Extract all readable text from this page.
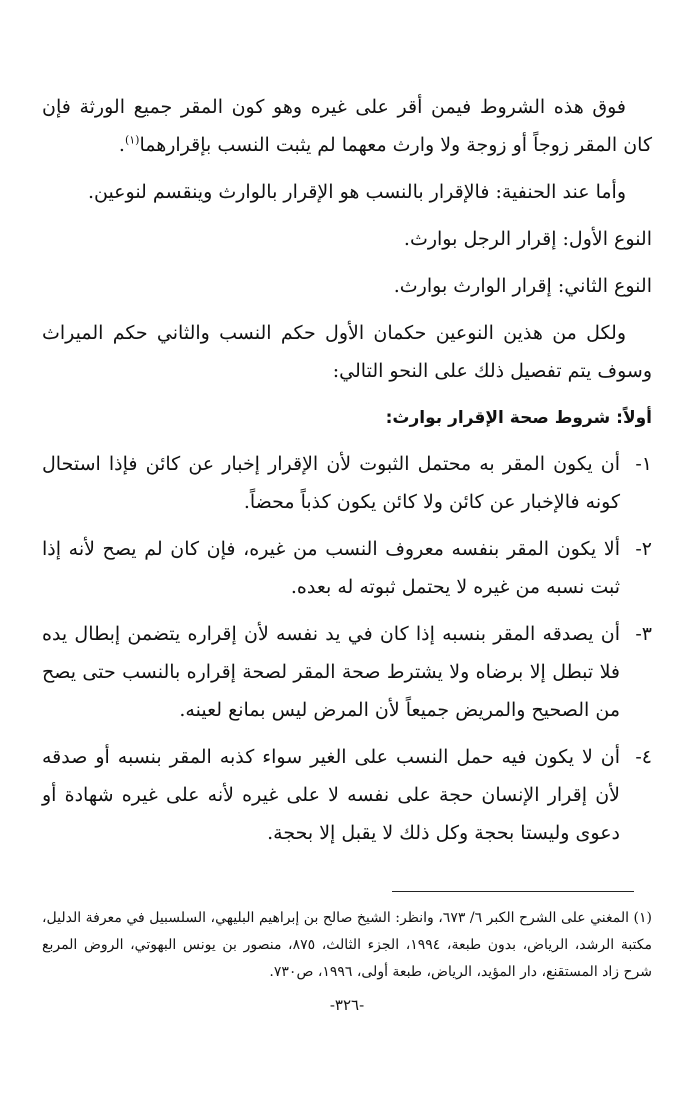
فوق هذه الشروط فيمن أقر على غيره وهو كون المقر جميع الورثة فإن كان المقر زوجاً أو زوجة ولا وارث معهما لم يثبت النسب بإقرارهما$^{(١)}$.

وأما عند الحنفية: فالإقرار بالنسب هو الإقرار بالوارث وينقسم لنوعين.

النوع الأول: إقرار الرجل بوارث.

النوع الثاني: إقرار الوارث بوارث.

ولكل من هذين النوعين حكمان الأول حكم النسب والثاني حكم الميراث وسوف يتم تفصيل ذلك على النحو التالي:

أولاً: شروط صحة الإقرار بوارث:

١-
أن يكون المقر به محتمل الثبوت لأن الإقرار إخبار عن كائن فإذا استحال كونه فالإخبار عن كائن ولا كائن يكون كذباً محضاً.
٢-
ألا يكون المقر بنفسه معروف النسب من غيره، فإن كان لم يصح لأنه إذا ثبت نسبه من غيره لا يحتمل ثبوته له بعده.
٣-
أن يصدقه المقر بنسبه إذا كان في يد نفسه لأن إقراره يتضمن إبطال يده فلا تبطل إلا برضاه ولا يشترط صحة المقر لصحة إقراره بالنسب حتى يصح من الصحيح والمريض جميعاً لأن المرض ليس بمانع لعينه.
٤-
أن لا يكون فيه حمل النسب على الغير سواء كذبه المقر بنسبه أو صدقه لأن إقرار الإنسان حجة على نفسه لا على غيره لأنه على غيره شهادة أو دعوى وليستا بحجة وكل ذلك لا يقبل إلا بحجة.

(١) المغني على الشرح الكبر ٦/ ٦٧٣، وانظر: الشيخ صالح بن إبراهيم البليهي، السلسبيل في معرفة الدليل، مكتبة الرشد، الرياض، بدون طبعة، ١٩٩٤، الجزء الثالث، ٨٧٥، منصور بن يونس البهوتي، الروض المربع شرح زاد المستقنع، دار المؤيد، الرياض، طبعة أولى، ١٩٩٦، ص٧٣٠.

-٣٢٦-
